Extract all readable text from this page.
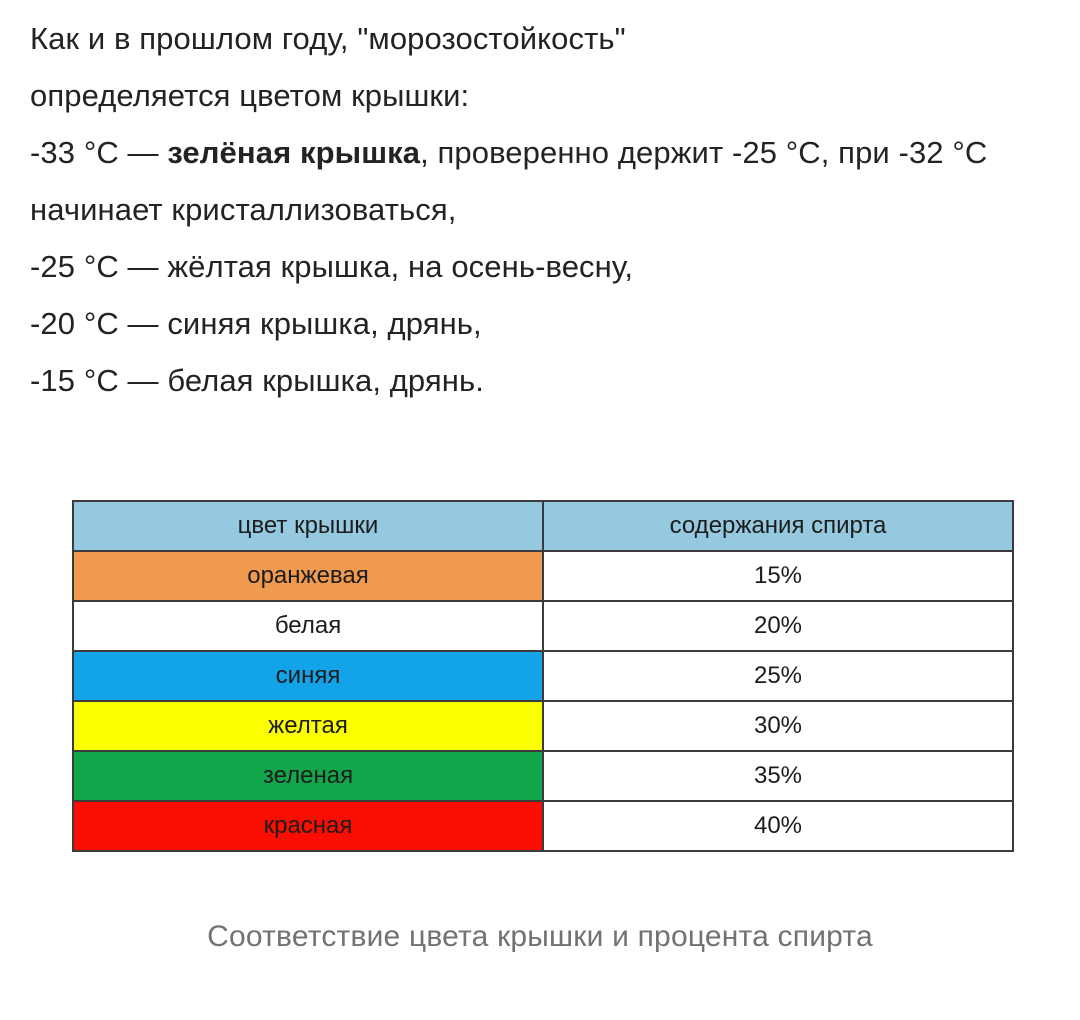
Как и в прошлом году, "морозостойкость"
определяется цветом крышки:
-33 °C — зелёная крышка, проверенно держит -25 °C, при -32 °C начинает кристаллизоваться,
-25 °C — жёлтая крышка, на осень-весну,
-20 °C — синяя крышка, дрянь,
-15 °C — белая крышка, дрянь.
цвет крышки	содержания спирта
оранжевая	15%
белая	20%
синяя	25%
желтая	30%
зеленая	35%
красная	40%
Соответствие цвета крышки и процента спирта
